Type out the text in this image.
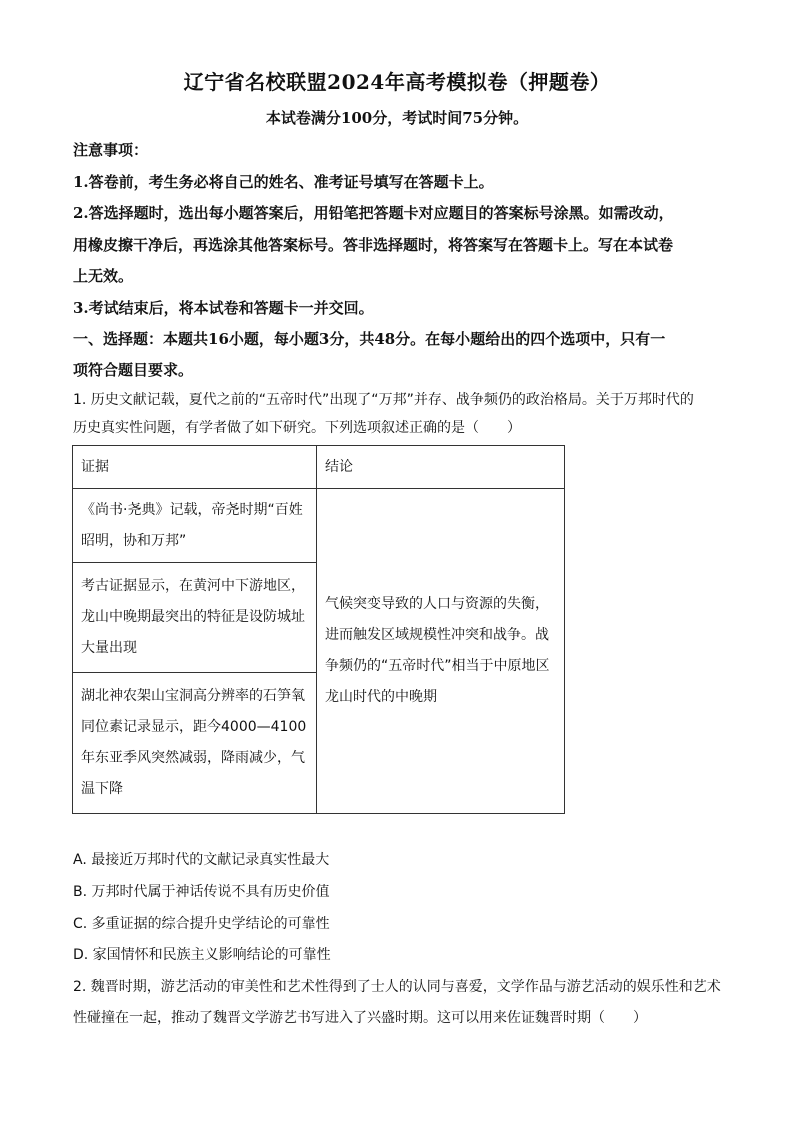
辽宁省名校联盟2024年高考模拟卷（押题卷）
本试卷满分100分，考试时间75分钟。
注意事项：
1.答卷前，考生务必将自己的姓名、准考证号填写在答题卡上。
2.答选择题时，选出每小题答案后，用铅笔把答题卡对应题目的答案标号涂黑。如需改动，
用橡皮擦干净后，再选涂其他答案标号。答非选择题时，将答案写在答题卡上。写在本试卷
上无效。
3.考试结束后，将本试卷和答题卡一并交回。
一、选择题：本题共16小题，每小题3分，共48分。在每小题给出的四个选项中，只有一
项符合题目要求。
1. 历史文献记载，夏代之前的“五帝时代”出现了“万邦”并存、战争频仍的政治格局。关于万邦时代的
历史真实性问题，有学者做了如下研究。下列选项叙述正确的是（　　）
证据	结论
《尚书·尧典》记载，帝尧时期“百姓昭明，协和万邦”	气候突变导致的人口与资源的失衡，进而触发区域规模性冲突和战争。战争频仍的“五帝时代”相当于中原地区龙山时代的中晚期
考古证据显示，在黄河中下游地区，龙山中晚期最突出的特征是设防城址大量出现	
湖北神农架山宝洞高分辨率的石笋氧同位素记录显示，距今4000—4100年东亚季风突然减弱，降雨减少，气温下降	
A. 最接近万邦时代的文献记录真实性最大
B. 万邦时代属于神话传说不具有历史价值
C. 多重证据的综合提升史学结论的可靠性
D. 家国情怀和民族主义影响结论的可靠性
2. 魏晋时期，游艺活动的审美性和艺术性得到了士人的认同与喜爱，文学作品与游艺活动的娱乐性和艺术
性碰撞在一起，推动了魏晋文学游艺书写进入了兴盛时期。这可以用来佐证魏晋时期（　　）
